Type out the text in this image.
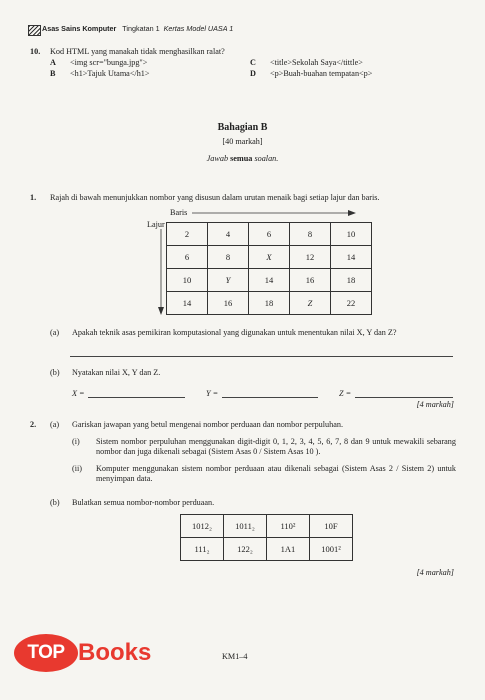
Asas Sains Komputer Tingkatan 1 Kertas Model UASA 1
10. Kod HTML yang manakah tidak menghasilkan ralat?
A <img scr="bunga.jpg">
B <h1>Tajuk Utama</h1>
C <title>Sekolah Saya</tittle>
D <p>Buah-buahan tempatan<p>
Bahagian B
[40 markah]
Jawab semua soalan.
1. Rajah di bawah menunjukkan nombor yang disusun dalam urutan menaik bagi setiap lajur dan baris.
Baris
Lajur
2	4	6	8	10
6	8	X	12	14
10	Y	14	16	18
14	16	18	Z	22
(a) Apakah teknik asas pemikiran komputasional yang digunakan untuk menentukan nilai X, Y dan Z?
(b) Nyatakan nilai X, Y dan Z.
X =	Y =	Z =
[4 markah]
2. (a) Gariskan jawapan yang betul mengenai nombor perduaan dan nombor perpuluhan.
(i) Sistem nombor perpuluhan menggunakan digit-digit 0, 1, 2, 3, 4, 5, 6, 7, 8 dan 9 untuk mewakili sebarang nombor dan juga dikenali sebagai (Sistem Asas 0 / Sistem Asas 10 ).
(ii) Komputer menggunakan sistem nombor perduaan atau dikenali sebagai (Sistem Asas 2 / Sistem 2) untuk menyimpan data.
(b) Bulatkan semua nombor-nombor perduaan.
1012₂	1011₂	110²	10F
111₂	122₂	1A1	1001²
[4 markah]
TOP Books	KM1–4
